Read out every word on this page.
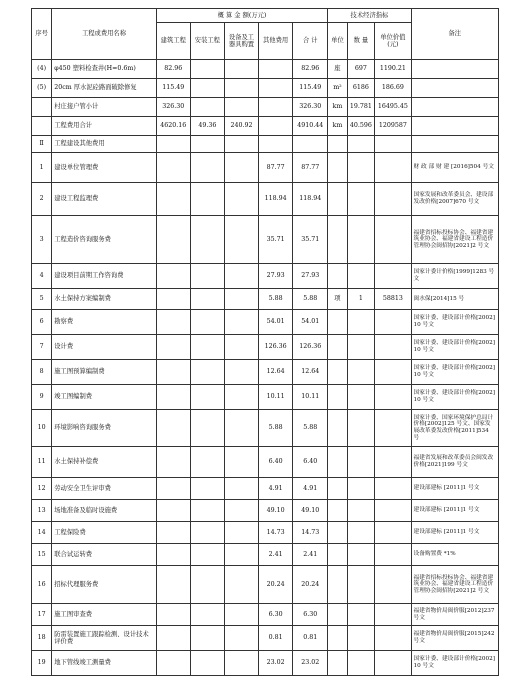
序号	工程或费用名称	概 算 金 额(万元)					技术经济指标			备注
		建筑工程	安装工程	设备及工器具购置	其他费用	合 计	单位	数 量	单位价值(元)	
(4)	φ450 塑料检查井(H=0.6m)	82.96				82.96	座	697	1190.21	
(5)	20cm 厚水泥砼路面破除修复	115.49				115.49	m²	6186	186.69	
	村庄接户管小计	326.30				326.30	km	19.781	16495.45	
	工程费用合计	4620.16	49.36	240.92		4910.44	km	40.596	1209587	
Ⅱ	工程建设其他费用									
1	建设单位管理费				87.77	87.77				财 政 部 财 建 [2016]504 号文
2	建设工程监理费				118.94	118.94				国家发展和改革委员会、建设部发改价格[2007]670 号文
3	工程造价咨询服务费				35.71	35.71				福建省招标投标协会、福建省建筑业协会、福建省建设工程造价管理协会闽招协[2021]2 号文
4	建设项目前期工作咨询费				27.93	27.93				国家计委计价格[1999]1283 号文
5	水土保持方案编制费				5.88	5.88	项	1	58813	闽水保[2014]15 号
6	勘察费				54.01	54.01				国家计委、建设部计价格[2002]10 号文
7	设计费				126.36	126.36				国家计委、建设部计价格[2002]10 号文
8	施工图预算编制费				12.64	12.64				国家计委、建设部计价格[2002]10 号文
9	竣工图编制费				10.11	10.11				国家计委、建设部计价格[2002]10 号文
10	环境影响咨询服务费				5.88	5.88				国家计委、国家环境保护总局计价格[2002]125 号文、国家发展改革委发改价格[2011]534 号
11	水土保持补偿费				6.40	6.40				福建省发展和改革委员会闽发改价格[2021]199 号文
12	劳动安全卫生评审费				4.91	4.91				建设部建标 [2011]1 号文
13	场地准备及临时设施费				49.10	49.10				建设部建标 [2011]1 号文
14	工程保险费				14.73	14.73				建设部建标 [2011]1 号文
15	联合试运转费				2.41	2.41				设备购置费 *1%
16	招标代理服务费				20.24	20.24				福建省招标投标协会、福建省建筑业协会、福建省建设工程造价管理协会闽招协[2021]2 号文
17	施工图审查费				6.30	6.30				福建省物价局闽价服[2012]237 号文
18	防雷装置施工跟踪检测、设计技术评价费				0.81	0.81				福建省物价局闽价服[2015]242 号文
19	地下管线竣工测量费				23.02	23.02				国家计委、建设部计价格[2002]10 号文
